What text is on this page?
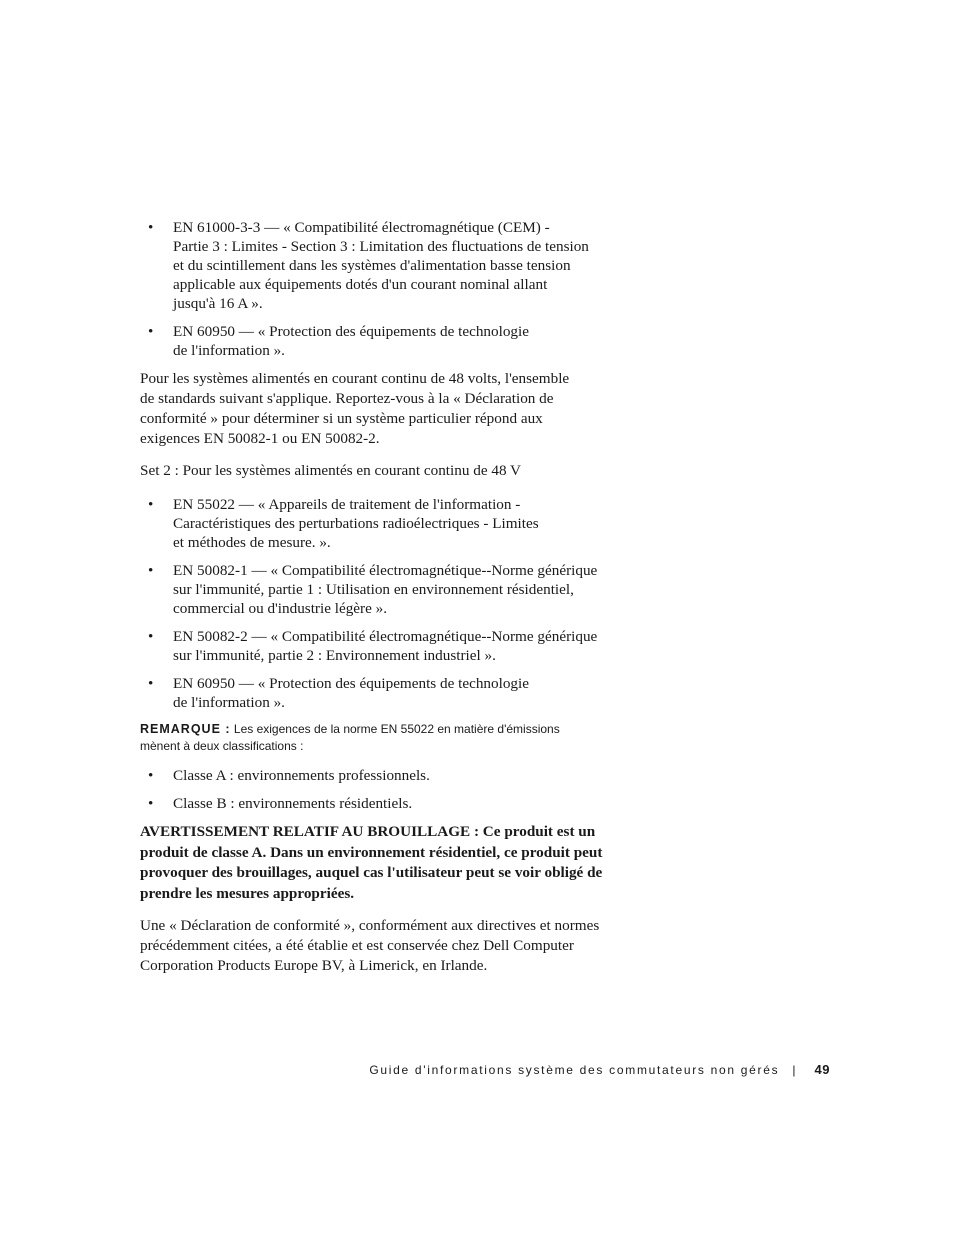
• EN 61000-3-3 — « Compatibilité électromagnétique (CEM) -
Partie 3 : Limites - Section 3 : Limitation des fluctuations de tension
et du scintillement dans les systèmes d'alimentation basse tension
applicable aux équipements dotés d'un courant nominal allant
jusqu'à 16 A ».
• EN 60950 — « Protection des équipements de technologie
de l'information ».

Pour les systèmes alimentés en courant continu de 48 volts, l'ensemble
de standards suivant s'applique. Reportez-vous à la « Déclaration de
conformité » pour déterminer si un système particulier répond aux
exigences EN 50082-1 ou EN 50082-2.

Set 2 : Pour les systèmes alimentés en courant continu de 48 V

• EN 55022 — « Appareils de traitement de l'information -
Caractéristiques des perturbations radioélectriques - Limites
et méthodes de mesure. ».
• EN 50082-1 — « Compatibilité électromagnétique--Norme générique
sur l'immunité, partie 1 : Utilisation en environnement résidentiel,
commercial ou d'industrie légère ».
• EN 50082-2 — « Compatibilité électromagnétique--Norme générique
sur l'immunité, partie 2 : Environnement industriel ».
• EN 60950 — « Protection des équipements de technologie
de l'information ».
REMARQUE : Les exigences de la norme EN 55022 en matière d'émissions
mènent à deux classifications :
• Classe A : environnements professionnels.
• Classe B : environnements résidentiels.

AVERTISSEMENT RELATIF AU BROUILLAGE : Ce produit est un
produit de classe A. Dans un environnement résidentiel, ce produit peut
provoquer des brouillages, auquel cas l'utilisateur peut se voir obligé de
prendre les mesures appropriées.

Une « Déclaration de conformité », conformément aux directives et normes
précédemment citées, a été établie et est conservée chez Dell Computer
Corporation Products Europe BV, à Limerick, en Irlande.

Guide d'informations système des commutateurs non gérés | 49
